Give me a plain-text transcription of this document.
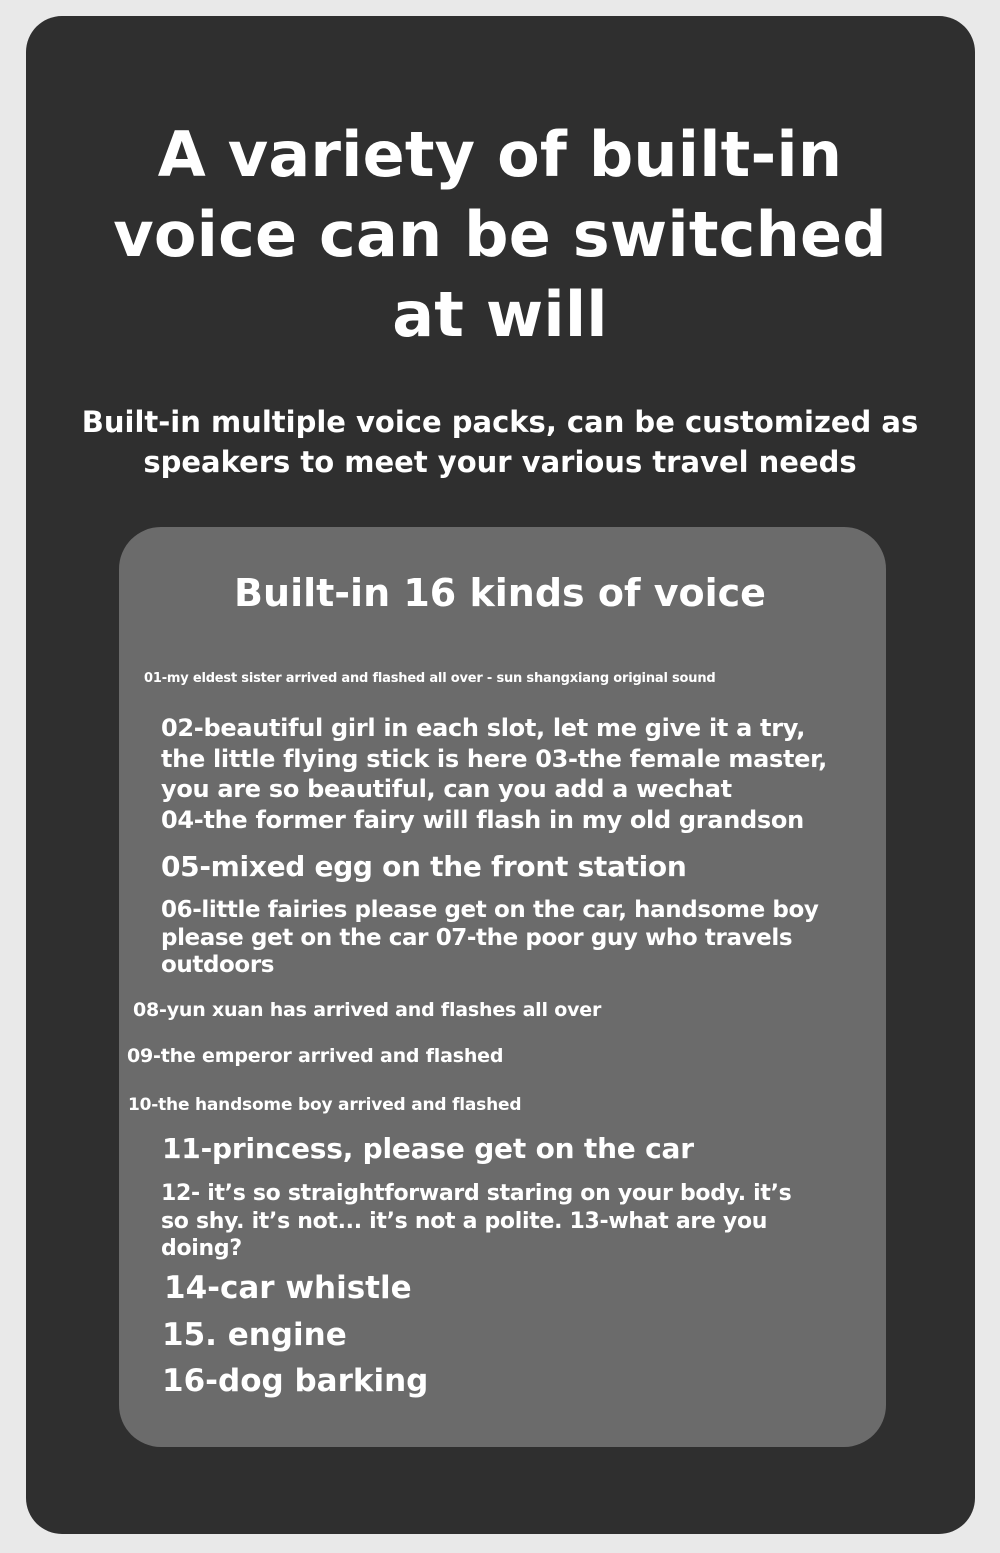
A variety of built-in
voice can be switched
at will

Built-in multiple voice packs, can be customized as
speakers to meet your various travel needs

Built-in 16 kinds of voice

01-my eldest sister arrived and flashed all over - sun shangxiang original sound

02-beautiful girl in each slot, let me give it a try,
the little flying stick is here 03-the female master,
you are so beautiful, can you add a wechat
04-the former fairy will flash in my old grandson

05-mixed egg on the front station

06-little fairies please get on the car, handsome boy
please get on the car 07-the poor guy who travels
outdoors

08-yun xuan has arrived and flashes all over

09-the emperor arrived and flashed

10-the handsome boy arrived and flashed

11-princess, please get on the car

12- it’s so straightforward staring on your body. it’s
so shy. it’s not... it’s not a polite. 13-what are you
doing?

14-car whistle

15. engine

16-dog barking
